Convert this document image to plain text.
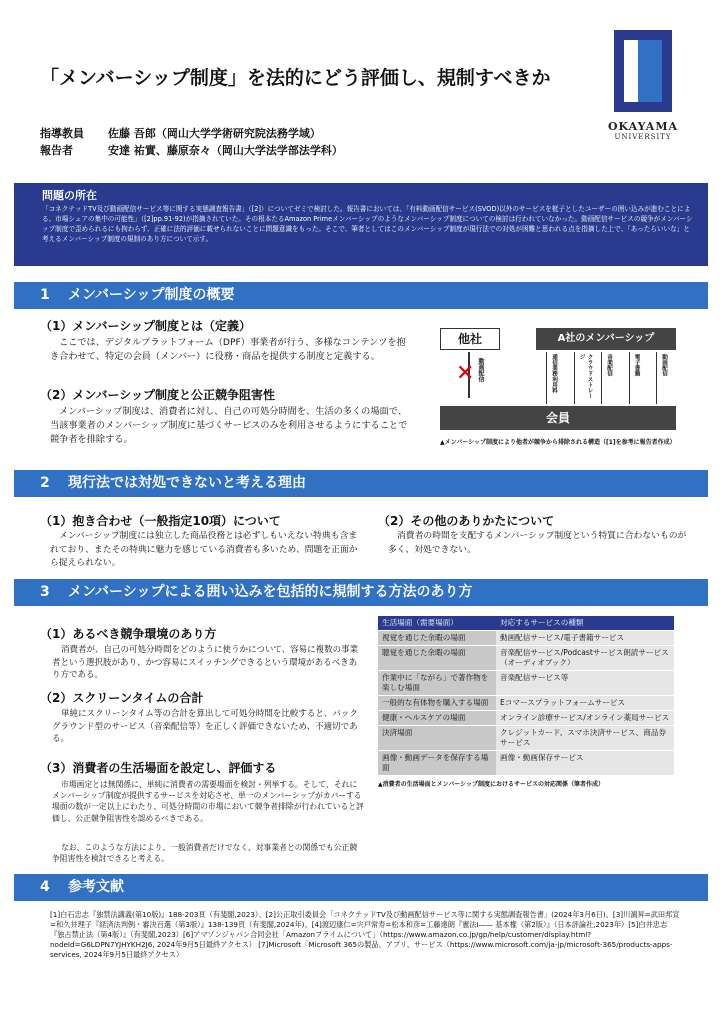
「メンバーシップ制度」を法的にどう評価し、規制すべきか
指導教員 佐藤 吾郎（岡山大学学術研究院法務学域）
報告者	安達 祐實、藤原奈々（岡山大学法学部法学科）
OKAYAMA
UNIVERSITY
問題の所在

「コネクテッドTV及び動画配信サービス等に関する実態調査報告書」（[2]）についてゼミで検討した。報告書においては、「有料動画配信サービス(SVOD)以外のサービスを梃子としたユーザーの囲い込みが進むことによる、市場シェアの集中の可能性」（[2]pp.91-92)が指摘されていた。その根本たるAmazon Primeメンバーシップのようなメンバーシップ制度についての検討は行われていなかった。動画配信サービスの競争がメンバーシップ制度で歪められるにも拘わらず、正確に法的評価に載せられないことに問題意識をもった。そこで、筆者としてはこのメンバーシップ制度が現行法での対処が困難と思われる点を指摘した上で、「あったらいいな」と考えるメンバーシップ制度の規制のあり方について示す。

1 メンバーシップ制度の概要
（1）メンバーシップ制度とは（定義）
ここでは、デジタルプラットフォーム（DPF）事業者が行う、多様なコンテンツを抱き合わせて、特定の会員（メンバー）に役務・商品を提供する制度と定義する。
（2）メンバーシップ制度と公正競争阻害性
メンバーシップ制度は、消費者に対し、自己の可処分時間を、生活の多くの場面で、当該事業者のメンバーシップ制度に基づくサービスのみを利用させるようにすることで競争者を排除する。
他社	A社のメンバーシップ
✕ 動画配信	通信業務利用料	クラウドストレージ	音楽配信	電子書籍	動画配信
会員
▲メンバーシップ制度により他者が競争から排除される構造（[1]を参考に報告者作成）
2 現行法では対処できないと考える理由
（1）抱き合わせ（一般指定10項）について
メンバーシップ制度には独立した商品役務とは必ずしもいえない特典も含まれており、またその特典に魅力を感じている消費者も多いため、問題を正面から捉えられない。
（2）その他のありかたについて
消費者の時間を支配するメンバーシップ制度という特質に合わないものが多く、対処できない。
3 メンバーシップによる囲い込みを包括的に規制する方法のあり方
（1）あるべき競争環境のあり方
消費者が、自己の可処分時間をどのように使うかについて、容易に複数の事業者という選択肢があり、かつ容易にスイッチングできるという環境があるべきあり方である。
（2）スクリーンタイムの合計
単純にスクリーンタイム等の合計を算出して可処分時間を比較すると、バックグラウンド型のサービス（音楽配信等）を正しく評価できないため、不適切である。
（3）消費者の生活場面を設定し、評価する
市場画定とは無関係に、単純に消費者の需要場面を検討・列挙する。そして、それにメンバーシップ制度が提供するサービスを対応させ、単一のメンバーシップがカバーする場面の数が一定以上にわたり、可処分時間の市場において競争者排除が行われていると評価し、公正競争阻害性を認めるべきである。
なお、このような方法により、一般消費者だけでなく、対事業者との関係でも公正競争阻害性を検討できると考える。
生活場面（需要場面）	対応するサービスの種類
視覚を通じた余暇の場面	動画配信サービス/電子書籍サービス
聴覚を通じた余暇の場面	音楽配信サービス/Podcastサービス朗読サービス（オーディオブック）
作業中に「ながら」で著作物を楽しむ場面	音楽配信サービス等
一般的な有体物を購入する場面	Eコマースプラットフォームサービス
健康・ヘルスケアの場面	オンライン診療サービス/オンライン薬局サービス
決済場面	クレジットカード、スマホ決済サービス、商品券サービス
画像・動画データを保存する場面	画像・動画保存サービス
▲消費者の生活場面とメンバーシップ制度におけるサービスの対応関係（筆者作成）
4 参考文献
[1]白石忠志『独禁法講義(第10版)』188-203頁（有斐閣,2023）、[2]公正取引委員会「コネクテッドTV及び動画配信サービス等に関する実態調査報告書」(2024年3月6日)、[3]川濵昇=武田邦宣=和久井理子『経済法判例・審決百選（第3版）』138-139頁（有斐閣,2024年)、[4]渡辺康仁=宍戸常寿=松本和彦=工藤達朗『憲法Ⅰ—— 基本権（第2版）』（日本評論社,2023年）[5]白井忠志『独占禁止法（第4版）』（有斐閣,2023）[6]アマゾンジャパン合同会社「Amazonプライムについて」（https://www.amazon.co.jp/gp/help/customer/display.html?nodeId=G6LDPN7YJHYKH2J6, 2024年9月5日最終アクセス） [7]Microsoft「Microsoft 365の製品、アプリ、サービス（https://www.microsoft.com/ja-jp/microsoft-365/products-apps-services, 2024年9月5日最終アクセス）
